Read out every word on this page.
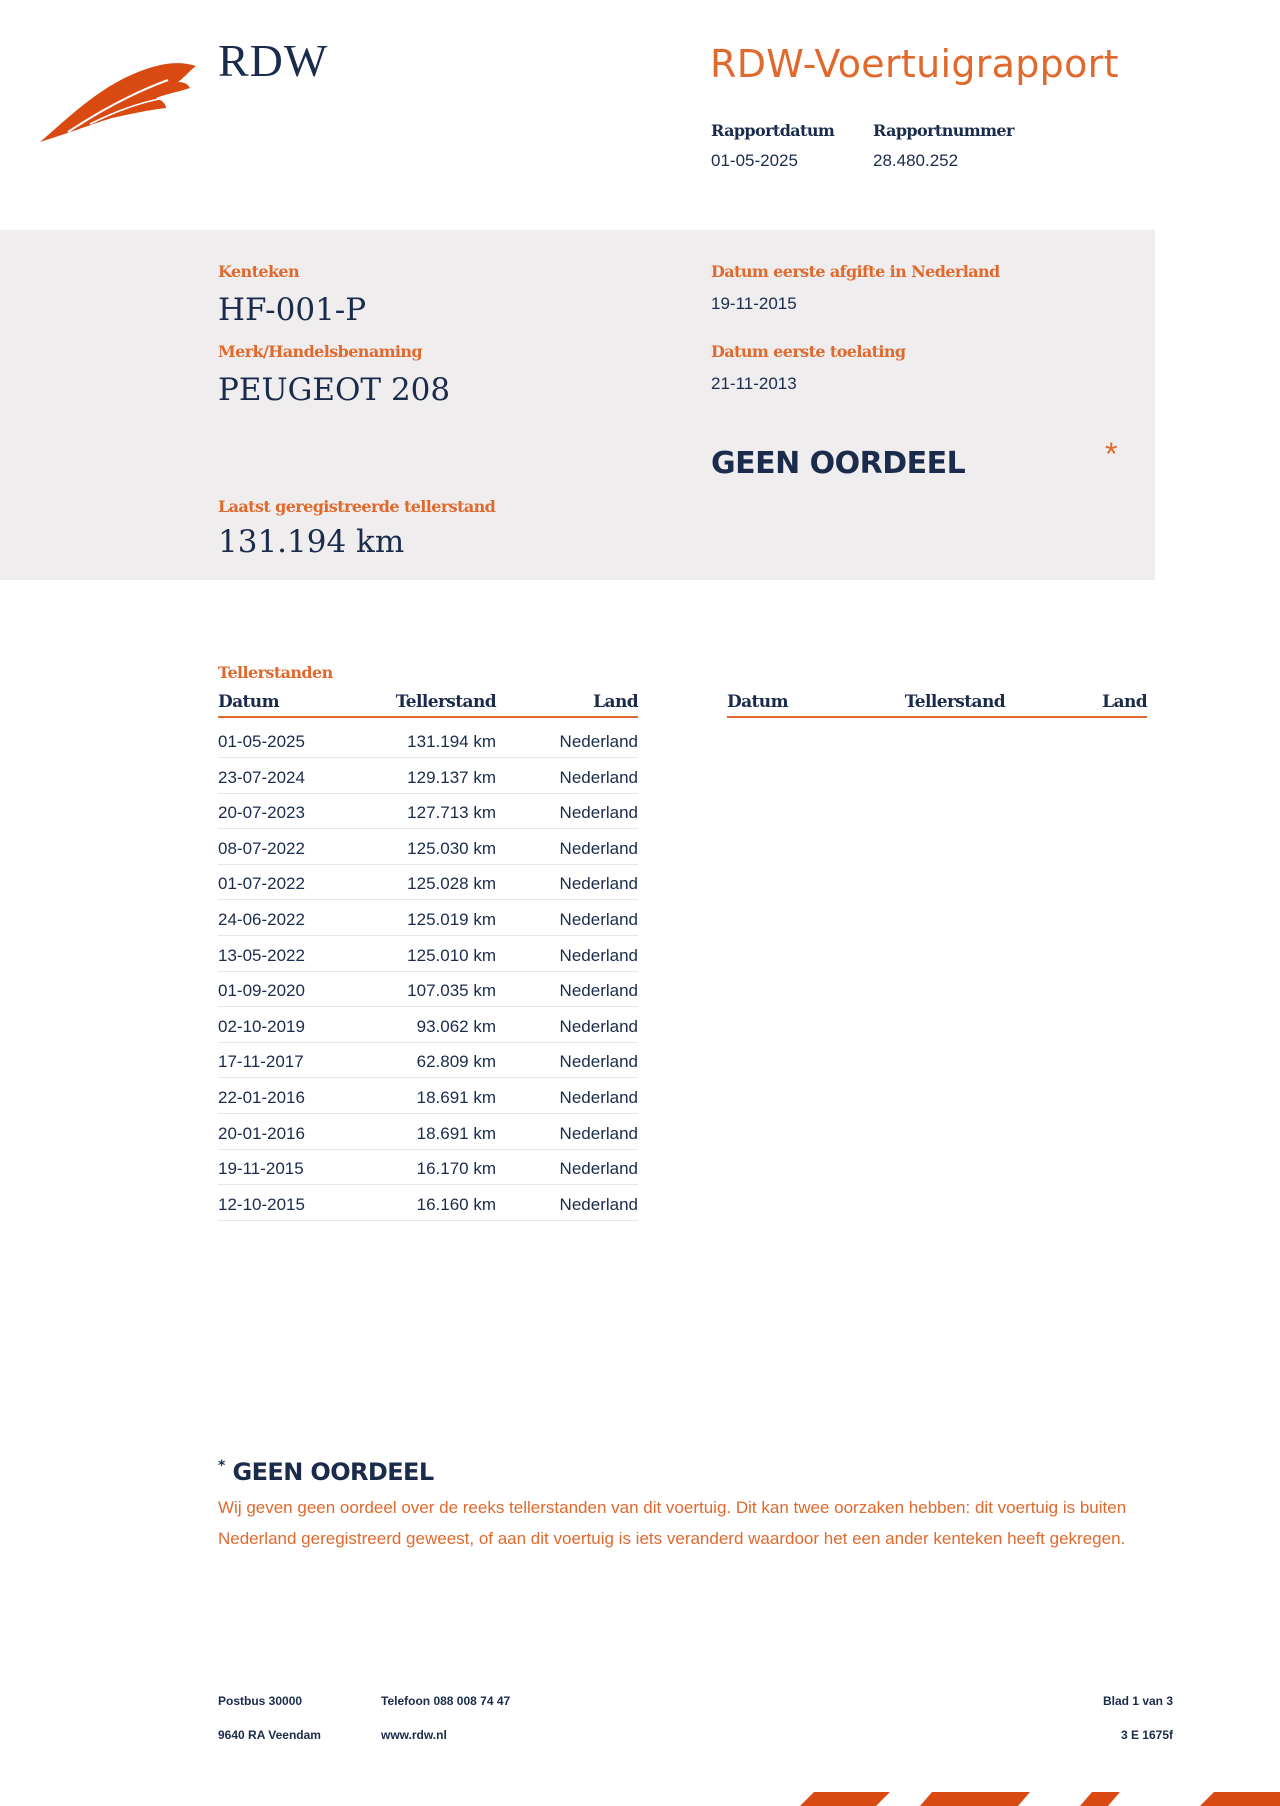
RDW	RDW-Voertuigrapport
Rapportdatum
01-05-2025
Rapportnummer
28.480.252
Kenteken
HF-001-P
Merk/Handelsbenaming
PEUGEOT 208
Datum eerste afgifte in Nederland
19-11-2015
Datum eerste toelating
21-11-2013
GEEN OORDEEL	*
Laatst geregistreerde tellerstand
131.194 km
Tellerstanden
Datum	Tellerstand	Land	Datum	Tellerstand	Land
01-05-2025	131.194 km	Nederland
23-07-2024	129.137 km	Nederland
20-07-2023	127.713 km	Nederland
08-07-2022	125.030 km	Nederland
01-07-2022	125.028 km	Nederland
24-06-2022	125.019 km	Nederland
13-05-2022	125.010 km	Nederland
01-09-2020	107.035 km	Nederland
02-10-2019	93.062 km	Nederland
17-11-2017	62.809 km	Nederland
22-01-2016	18.691 km	Nederland
20-01-2016	18.691 km	Nederland
19-11-2015	16.170 km	Nederland
12-10-2015	16.160 km	Nederland
* GEEN OORDEEL
Wij geven geen oordeel over de reeks tellerstanden van dit voertuig. Dit kan twee oorzaken hebben: dit voertuig is buiten Nederland geregistreerd geweest, of aan dit voertuig is iets veranderd waardoor het een ander kenteken heeft gekregen.
Postbus 30000
9640 RA Veendam
Telefoon 088 008 74 47
www.rdw.nl
Blad 1 van 3
3 E 1675f
